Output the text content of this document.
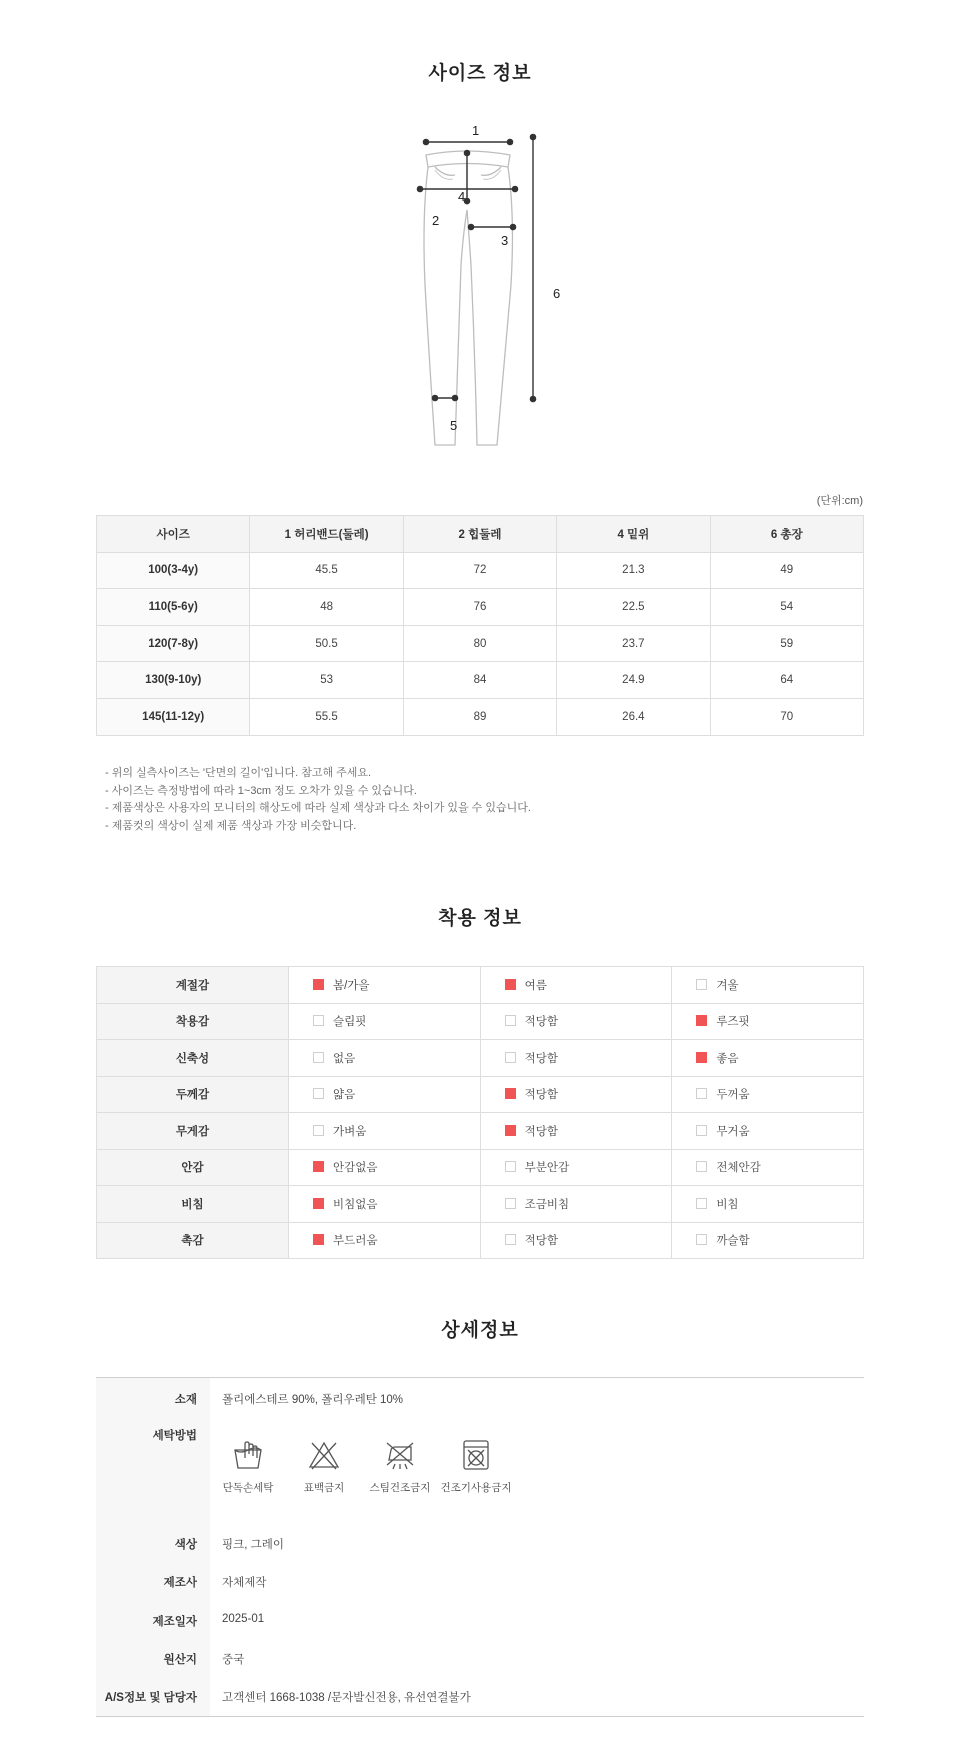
사이즈 정보
1
2
3
4
5
6
(단위:cm)
사이즈	1 허리밴드(둘레)	2 힙둘레	4 밑위	6 총장
100(3-4y)	45.5	72	21.3	49
110(5-6y)	48	76	22.5	54
120(7-8y)	50.5	80	23.7	59
130(9-10y)	53	84	24.9	64
145(11-12y)	55.5	89	26.4	70
- 위의 실측사이즈는 '단면의 길이'입니다. 참고해 주세요.
- 사이즈는 측정방법에 따라 1~3cm 정도 오차가 있을 수 있습니다.
- 제품색상은 사용자의 모니터의 해상도에 따라 실제 색상과 다소 차이가 있을 수 있습니다.
- 제품컷의 색상이 실제 제품 색상과 가장 비슷합니다.
착용 정보
계절감	봄/가을	여름	겨울
착용감	슬림핏	적당함	루즈핏
신축성	없음	적당함	좋음
두께감	얇음	적당함	두꺼움
무게감	가벼움	적당함	무거움
안감	안감없음	부분안감	전체안감
비침	비침없음	조금비침	비침
촉감	부드러움	적당함	까슬함
상세정보
소재 폴리에스테르 90%, 폴리우레탄 10%
세탁방법
단독손세탁	표백금지	스팀건조금지 건조기사용금지
색상 핑크, 그레이
제조사 자체제작
제조일자 2025-01
원산지 중국
A/S정보 및 담당자 고객센터 1668-1038 /문자발신전용, 유선연결불가
